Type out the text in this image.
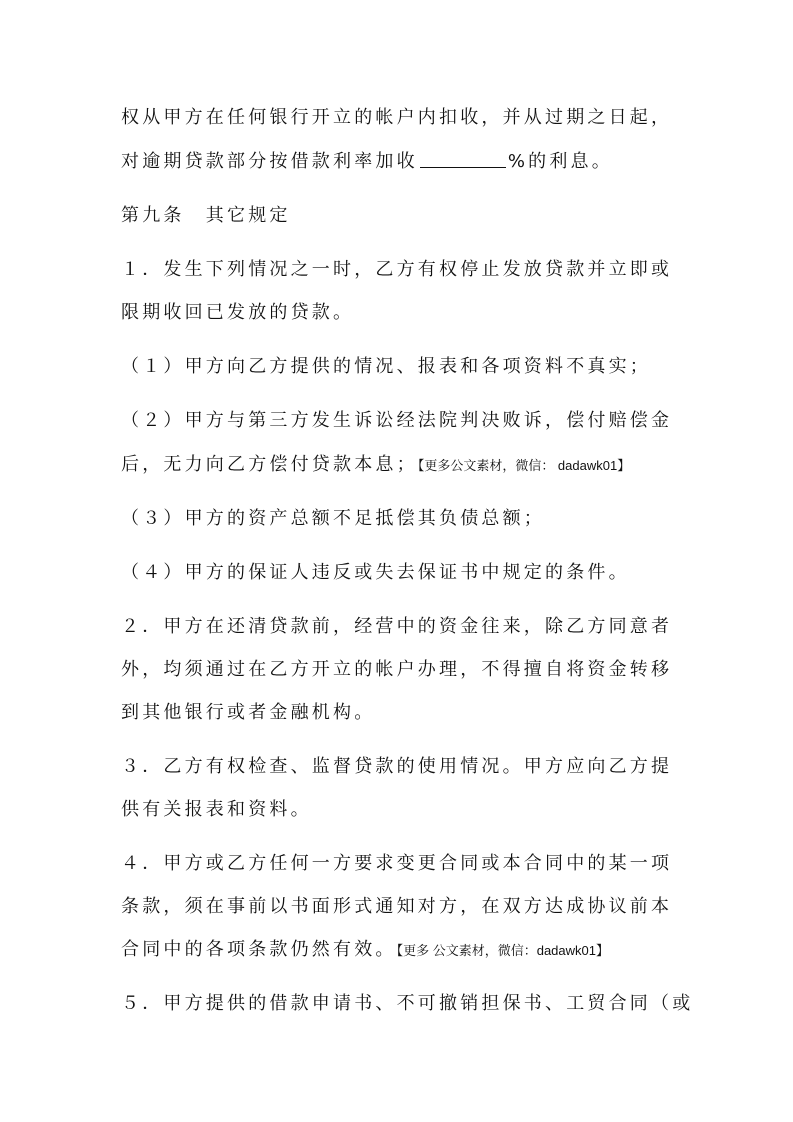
权从甲方在任何银行开立的帐户内扣收，并从过期之日起，
对逾期贷款部分按借款利率加收	%的利息。
第九条　其它规定
１．发生下列情况之一时，乙方有权停止发放贷款并立即或
限期收回已发放的贷款。
（１）甲方向乙方提供的情况、报表和各项资料不真实；
（２）甲方与第三方发生诉讼经法院判决败诉，偿付赔偿金
后，无力向乙方偿付贷款本息；【更多公文素材，微信： dadawk01】
（３）甲方的资产总额不足抵偿其负债总额；
（４）甲方的保证人违反或失去保证书中规定的条件。
２．甲方在还清贷款前，经营中的资金往来，除乙方同意者
外，均须通过在乙方开立的帐户办理，不得擅自将资金转移
到其他银行或者金融机构。
３．乙方有权检查、监督贷款的使用情况。甲方应向乙方提
供有关报表和资料。
４．甲方或乙方任何一方要求变更合同或本合同中的某一项
条款，须在事前以书面形式通知对方，在双方达成协议前本
合同中的各项条款仍然有效。【更多 公文素材，微信：dadawk01】
５．甲方提供的借款申请书、不可撤销担保书、工贸合同（或
